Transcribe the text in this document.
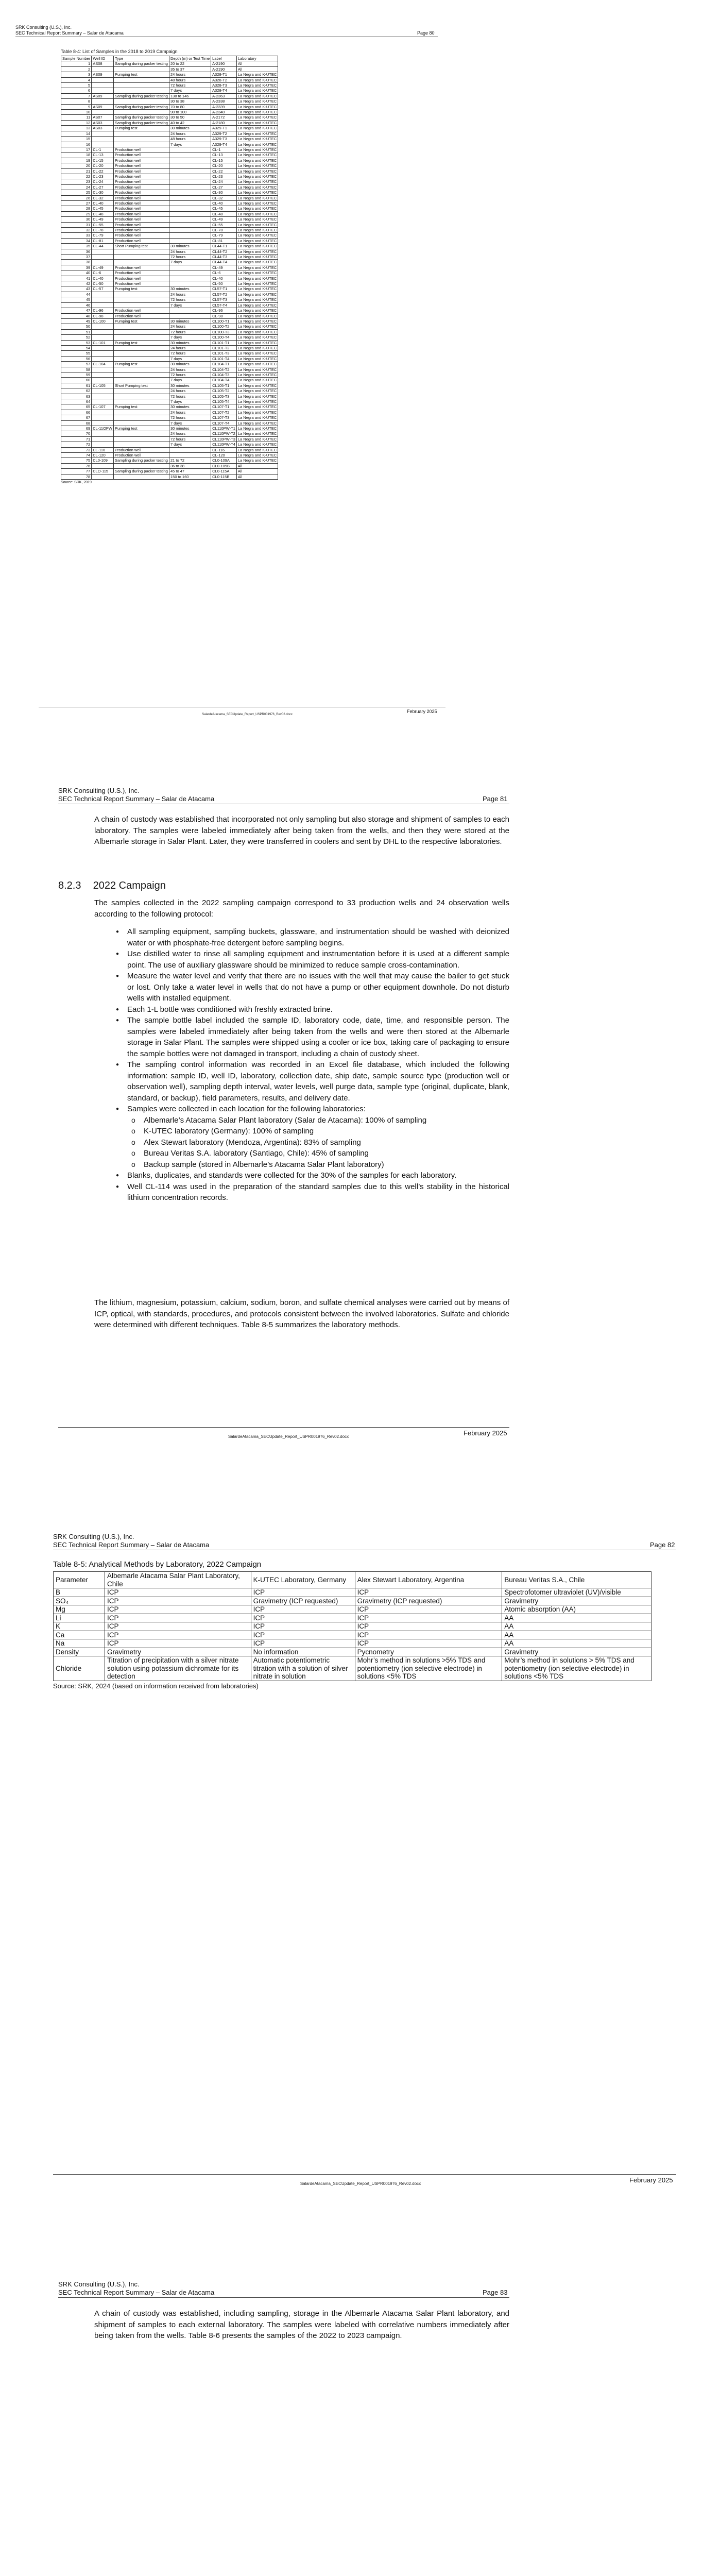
SRK Consulting (U.S.), Inc.
SEC Technical Report Summary – Salar de Atacama	Page 80
Table 8-4: List of Samples in the 2018 to 2019 Campaign
Sample Number	Well ID	Type	Depth (m) or Test Time	Label	Laboratory
1	AS08	Sampling during packer testing	20 to 22	A-2190	All
2			35 to 37	A-2190	All
3	AS09	Pumping test	24 hours	A328-T1	La Negra and K-UTEC
4			48 hours	A328-T2	La Negra and K-UTEC
5			72 hours	A328-T3	La Negra and K-UTEC
6			7 days	A328-T4	La Negra and K-UTEC
7	AS09	Sampling during packer testing	138 to 146	A-2363	La Negra and K-UTEC
8			30 to 38	A-2338	La Negra and K-UTEC
9	AS09	Sampling during packer testing	70 to 80	A-2339	La Negra and K-UTEC
10			90 to 100	A-2340	La Negra and K-UTEC
11	AS07	Sampling during packer testing	30 to 50	A-2172	La Negra and K-UTEC
12	AS03	Sampling during packer testing	40 to 42	A-2180	La Negra and K-UTEC
13	AS03	Pumping test	30 minutes	A329-T1	La Negra and K-UTEC
14			24 hours	A329-T2	La Negra and K-UTEC
15			48 hours	A329-T3	La Negra and K-UTEC
16			7 days	A329-T4	La Negra and K-UTEC
17	CL-1	Production well		CL-1	La Negra and K-UTEC
18	CL-13	Production well		CL-13	La Negra and K-UTEC
19	CL-15	Production well		CL-15	La Negra and K-UTEC
20	CL-20	Production well		CL-20	La Negra and K-UTEC
21	CL-22	Production well		CL-22	La Negra and K-UTEC
22	CL-23	Production well		CL-23	La Negra and K-UTEC
23	CL-24	Production well		CL-24	La Negra and K-UTEC
24	CL-27	Production well		CL-27	La Negra and K-UTEC
25	CL-30	Production well		CL-30	La Negra and K-UTEC
26	CL-32	Production well		CL-32	La Negra and K-UTEC
27	CL-40	Production well		CL-40	La Negra and K-UTEC
28	CL-45	Production well		CL-45	La Negra and K-UTEC
29	CL-48	Production well		CL-48	La Negra and K-UTEC
30	CL-49	Production well		CL-49	La Negra and K-UTEC
31	CL-55	Production well		CL-55	La Negra and K-UTEC
32	CL-78	Production well		CL-78	La Negra and K-UTEC
33	CL-79	Production well		CL-79	La Negra and K-UTEC
34	CL-81	Production well		CL-81	La Negra and K-UTEC
35	CL-44	Short Pumping test	30 minutes	CL44-T1	La Negra and K-UTEC
36			24 hours	CL44-T2	La Negra and K-UTEC
37			72 hours	CL44-T3	La Negra and K-UTEC
38			7 days	CL44-T4	La Negra and K-UTEC
39	CL-49	Production well		CL-49	La Negra and K-UTEC
40	CL-6	Production well		CL-6	La Negra and K-UTEC
41	CL-40	Production well		CL-40	La Negra and K-UTEC
42	CL-50	Production well		CL-50	La Negra and K-UTEC
43	CL-57	Pumping test	30 minutes	CL57-T1	La Negra and K-UTEC
44			24 hours	CL57-T2	La Negra and K-UTEC
45			72 hours	CL57-T3	La Negra and K-UTEC
46			7 days	CL57-T4	La Negra and K-UTEC
47	CL-96	Production well		CL-96	La Negra and K-UTEC
48	CL-98	Production well		CL-98	La Negra and K-UTEC
49	CL-100	Pumping test	30 minutes	CL100-T1	La Negra and K-UTEC
50			24 hours	CL100-T2	La Negra and K-UTEC
51			72 hours	CL100-T3	La Negra and K-UTEC
52			7 days	CL100-T4	La Negra and K-UTEC
53	CL-101	Pumping test	30 minutes	CL101-T1	La Negra and K-UTEC
54			24 hours	CL101-T2	La Negra and K-UTEC
55			72 hours	CL101-T3	La Negra and K-UTEC
56			7 days	CL101-T4	La Negra and K-UTEC
57	CL-104	Pumping test	30 minutes	CL104-T1	La Negra and K-UTEC
58			24 hours	CL104-T2	La Negra and K-UTEC
59			72 hours	CL104-T3	La Negra and K-UTEC
60			7 days	CL104-T4	La Negra and K-UTEC
61	CL-105	Short Pumping test	30 minutes	CL105-T1	La Negra and K-UTEC
62			24 hours	CL105-T2	La Negra and K-UTEC
63			72 hours	CL105-T3	La Negra and K-UTEC
64			7 days	CL105-T4	La Negra and K-UTEC
65	CL-107	Pumping test	30 minutes	CL107-T1	La Negra and K-UTEC
66			24 hours	CL107-T2	La Negra and K-UTEC
67			72 hours	CL107-T3	La Negra and K-UTEC
68			7 days	CL107-T4	La Negra and K-UTEC
69	CL-11OPW	Pumping test	30 minutes	CL110PW-T1	La Negra and K-UTEC
70			24 hours	CL110PW-T2	La Negra and K-UTEC
71			72 hours	CL110PW-T3	La Negra and K-UTEC
72			7 days	CL110PW-T4	La Negra and K-UTEC
73	CL-116	Production well		CL-116	La Negra and K-UTEC
74	CL-120	Production well		CL-120	La Negra and K-UTEC
75	CL0-109	Sampling during packer testing	21 to 72	CL0-109A	La Negra and K-UTEC
76			36 to 38	CL0-109B	All
77	CLO-115	Sampling during packer testing	45 to 47	CL0-115A	All
78			150 to 160	CL0-115B	All
Source: SRK, 2019
SalardeAtacama_SECUpdate_Report_USPR001976_Rev02.docx
February 2025
SRK Consulting (U.S.), Inc.
SEC Technical Report Summary – Salar de Atacama	Page 81

A chain of custody was established that incorporated not only sampling but also storage and shipment of samples to each laboratory. The samples were labeled immediately after being taken from the wells, and then they were stored at the Albemarle storage in Salar Plant. Later, they were transferred in coolers and sent by DHL to the respective laboratories.

8.2.3 2022 Campaign

The samples collected in the 2022 sampling campaign correspond to 33 production wells and 24 observation wells according to the following protocol:

● All sampling equipment, sampling buckets, glassware, and instrumentation should be washed with deionized water or with phosphate-free detergent before sampling begins.
● Use distilled water to rinse all sampling equipment and instrumentation before it is used at a different sample point. The use of auxiliary glassware should be minimized to reduce sample cross-contamination.
● Measure the water level and verify that there are no issues with the well that may cause the bailer to get stuck or lost. Only take a water level in wells that do not have a pump or other equipment downhole. Do not disturb wells with installed equipment.
● Each 1-L bottle was conditioned with freshly extracted brine.
● The sample bottle label included the sample ID, laboratory code, date, time, and responsible person. The samples were labeled immediately after being taken from the wells and were then stored at the Albemarle storage in Salar Plant. The samples were shipped using a cooler or ice box, taking care of packaging to ensure the sample bottles were not damaged in transport, including a chain of custody sheet.
● The sampling control information was recorded in an Excel file database, which included the following information: sample ID, well ID, laboratory, collection date, ship date, sample source type (production well or observation well), sampling depth interval, water levels, well purge data, sample type (original, duplicate, blank, standard, or backup), field parameters, results, and delivery date.
● Samples were collected in each location for the following laboratories:
o Albemarle’s Atacama Salar Plant laboratory (Salar de Atacama): 100% of sampling
o K-UTEC laboratory (Germany): 100% of sampling
o Alex Stewart laboratory (Mendoza, Argentina): 83% of sampling
o Bureau Veritas S.A. laboratory (Santiago, Chile): 45% of sampling
o Backup sample (stored in Albemarle’s Atacama Salar Plant laboratory)
● Blanks, duplicates, and standards were collected for the 30% of the samples for each laboratory.
● Well CL-114 was used in the preparation of the standard samples due to this well’s stability in the historical lithium concentration records.

The lithium, magnesium, potassium, calcium, sodium, boron, and sulfate chemical analyses were carried out by means of ICP, optical, with standards, procedures, and protocols consistent between the involved laboratories. Sulfate and chloride were determined with different techniques. Table 8-5 summarizes the laboratory methods.

SalardeAtacama_SECUpdate_Report_USPR001976_Rev02.docx	February 2025
SRK Consulting (U.S.), Inc.
SEC Technical Report Summary – Salar de Atacama	Page 82
Table 8-5: Analytical Methods by Laboratory, 2022 Campaign
Parameter	Albemarle Atacama Salar Plant Laboratory, Chile	K-UTEC Laboratory, Germany	Alex Stewart Laboratory, Argentina	Bureau Veritas S.A., Chile
B	ICP	ICP	ICP	Spectrofotomer ultraviolet (UV)/visible
SO₄	ICP	Gravimetry (ICP requested)	Gravimetry (ICP requested)	Gravimetry
Mg	ICP	ICP	ICP	Atomic absorption (AA)
Li	ICP	ICP	ICP	AA
K	ICP	ICP	ICP	AA
Ca	ICP	ICP	ICP	AA
Na	ICP	ICP	ICP	AA
Density	Gravimetry	No information	Pycnometry	Gravimetry
Chloride	Titration of precipitation with a silver nitrate solution using potassium dichromate for its detection	Automatic potentiometric titration with a solution of silver nitrate in solution	Mohr’s method in solutions >5% TDS and potentiometry (ion selective electrode) in solutions <5% TDS	Mohr’s method in solutions > 5% TDS and potentiometry (ion selective electrode) in solutions <5% TDS
Source: SRK, 2024 (based on information received from laboratories)
SalardeAtacama_SECUpdate_Report_USPR001976_Rev02.docx	February 2025
SRK Consulting (U.S.), Inc.
SEC Technical Report Summary – Salar de Atacama	Page 83

A chain of custody was established, including sampling, storage in the Albemarle Atacama Salar Plant laboratory, and shipment of samples to each external laboratory. The samples were labeled with correlative numbers immediately after being taken from the wells. Table 8-6 presents the samples of the 2022 to 2023 campaign.
